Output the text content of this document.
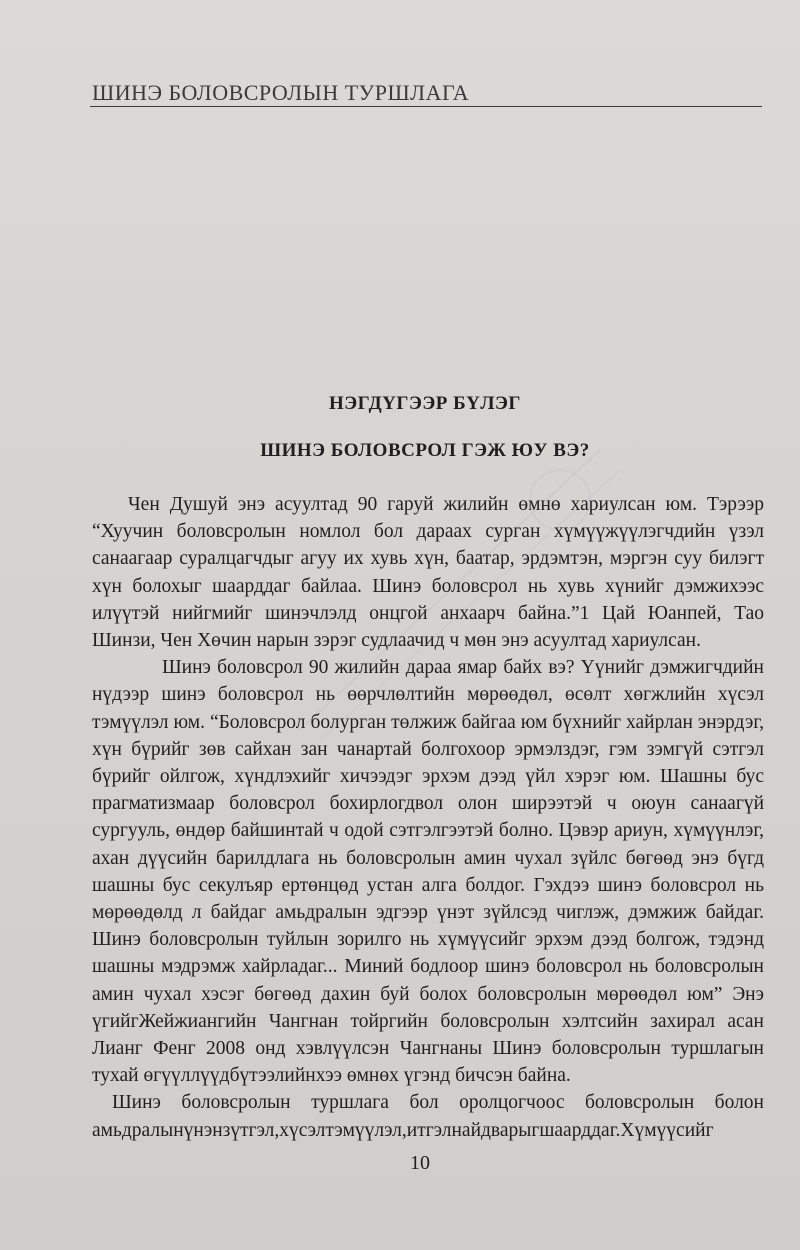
ШИНЭ БОЛОВСРОЛЫН ТУРШЛАГА
НЭГДҮГЭЭР БҮЛЭГ
ШИНЭ БОЛОВСРОЛ ГЭЖ ЮУ ВЭ?

Чен Душуй энэ асуултад 90 гаруй жилийн өмнө хариулсан юм. Тэрээр “Хуучин боловсролын номлол бол дараах сурган хүмүүжүүлэгчдийн үзэл санаагаар суралцагчдыг агуу их хувь хүн, баатар, эрдэмтэн, мэргэн суу билэгт хүн болохыг шаарддаг байлаа. Шинэ боловсрол нь хувь хүнийг дэмжихээс илүүтэй нийгмийг шинэчлэлд онцгой анхаарч байна.”1 Цай Юанпей, Тао Шинзи, Чен Хөчин нарын зэрэг судлаачид ч мөн энэ асуултад хариулсан.

Шинэ боловсрол 90 жилийн дараа ямар байх вэ? Үүнийг дэмжигчдийн нүдээр шинэ боловсрол нь өөрчлөлтийн мөрөөдөл, өсөлт хөгжлийн хүсэл тэмүүлэл юм. “Боловсрол болурган төлжиж байгаа юм бүхнийг хайрлан энэрдэг, хүн бүрийг зөв сайхан зан чанартай болгохоор эрмэлздэг, гэм зэмгүй сэтгэл бүрийг ойлгож, хүндлэхийг хичээдэг эрхэм дээд үйл хэрэг юм. Шашны бус прагматизмаар боловсрол бохирлогдвол олон ширээтэй ч оюун санаагүй сургууль, өндөр байшинтай ч одой сэтгэлгээтэй болно. Цэвэр ариун, хүмүүнлэг, ахан дүүсийн барилдлага нь боловсролын амин чухал зүйлс бөгөөд энэ бүгд шашны бус секулъяр ертөнцөд устан алга болдог. Гэхдээ шинэ боловсрол нь мөрөөдөлд л байдаг амьдралын эдгээр үнэт зүйлсэд чиглэж, дэмжиж байдаг. Шинэ боловсролын туйлын зорилго нь хүмүүсийг эрхэм дээд болгож, тэдэнд шашны мэдрэмж хайрладаг... Миний бодлоор шинэ боловсрол нь боловсролын амин чухал хэсэг бөгөөд дахин буй болох боловсролын мөрөөдөл юм” Энэ үгийгЖейжиангийн Чангнан тойргийн боловсролын хэлтсийн захирал асан Лианг Фенг 2008 онд хэвлүүлсэн Чангнаны Шинэ боловсролын туршлагын тухай өгүүллүүдбүтээлийнхээ өмнөх үгэнд бичсэн байна.

Шинэ боловсролын туршлага бол оролцогчоос боловсролын болон амьдралынүнэнзүтгэл,хүсэлтэмүүлэл,итгэлнайдварыгшаарддаг.Хүмүүсийг

10
